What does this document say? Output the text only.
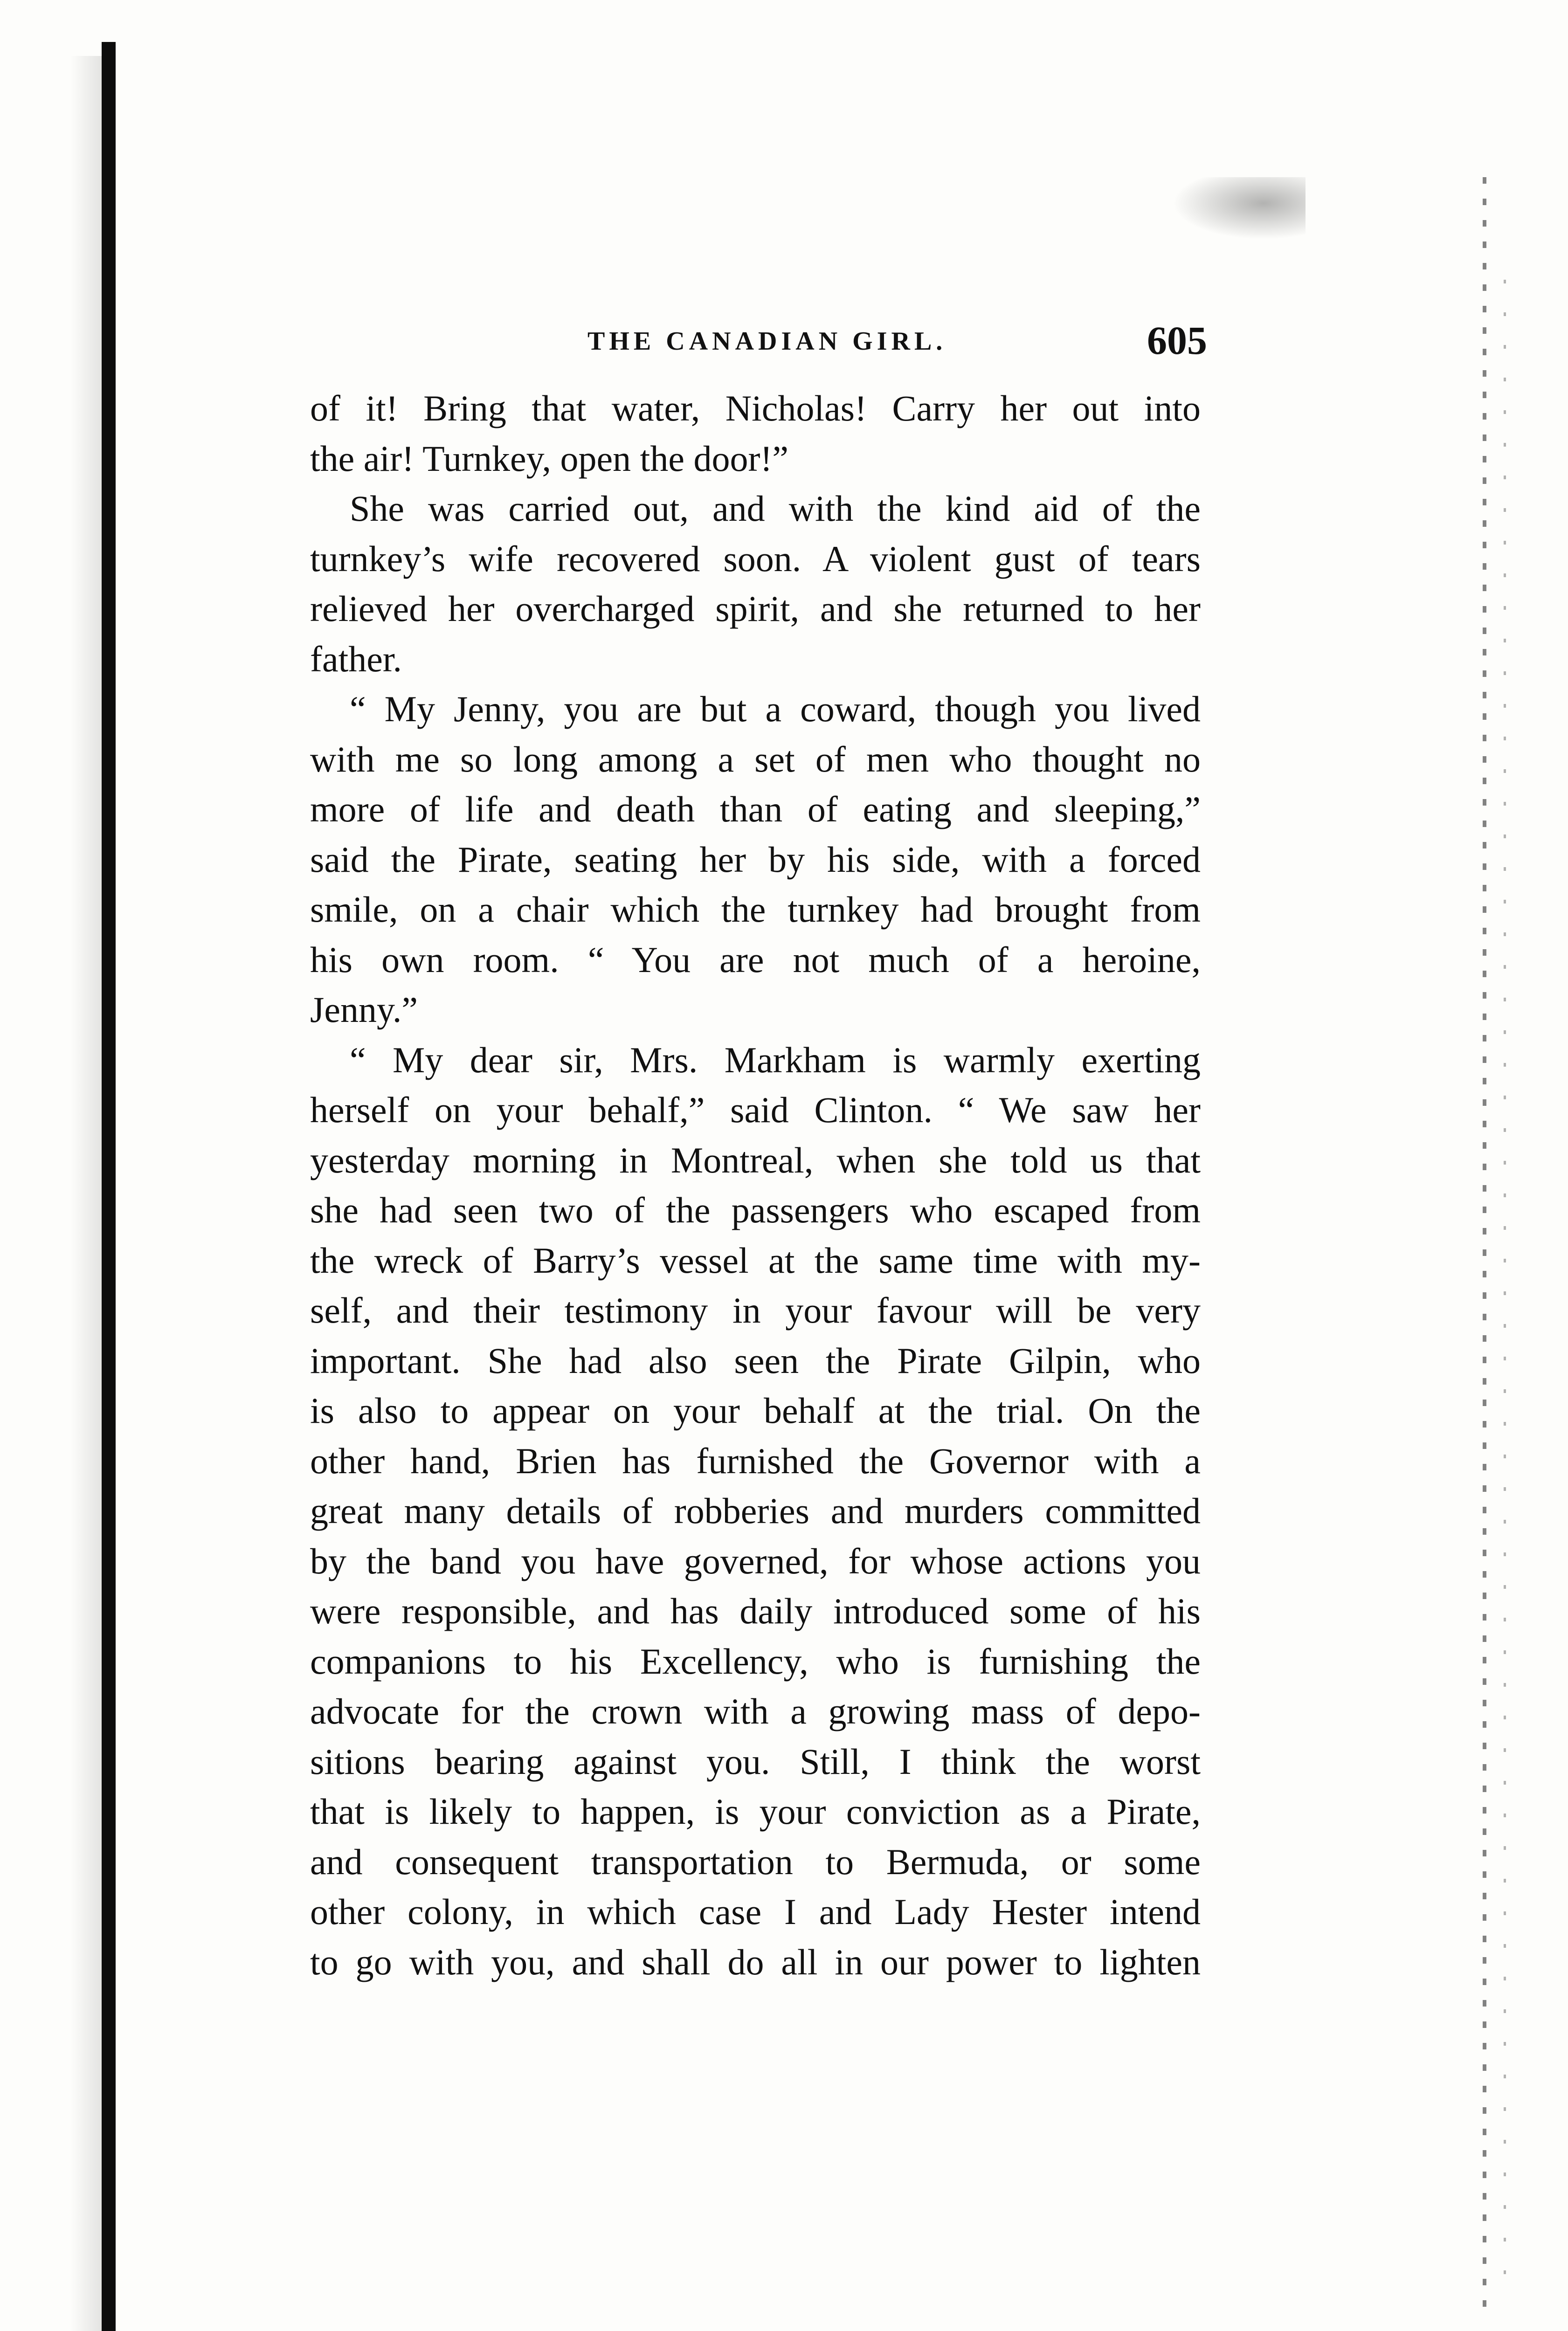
THE CANADIAN GIRL.	605
of it! Bring that water, Nicholas! Carry her out into
the air! Turnkey, open the door!”
She was carried out, and with the kind aid of the
turnkey’s wife recovered soon. A violent gust of tears
relieved her overcharged spirit, and she returned to her
father.
“ My Jenny, you are but a coward, though you lived
with me so long among a set of men who thought no
more of life and death than of eating and sleeping,”
said the Pirate, seating her by his side, with a forced
smile, on a chair which the turnkey had brought from
his own room. “ You are not much of a heroine,
Jenny.”
“ My dear sir, Mrs. Markham is warmly exerting
herself on your behalf,” said Clinton. “ We saw her
yesterday morning in Montreal, when she told us that
she had seen two of the passengers who escaped from
the wreck of Barry’s vessel at the same time with my-
self, and their testimony in your favour will be very
important. She had also seen the Pirate Gilpin, who
is also to appear on your behalf at the trial. On the
other hand, Brien has furnished the Governor with a
great many details of robberies and murders committed
by the band you have governed, for whose actions you
were responsible, and has daily introduced some of his
companions to his Excellency, who is furnishing the
advocate for the crown with a growing mass of depo-
sitions bearing against you. Still, I think the worst
that is likely to happen, is your conviction as a Pirate,
and consequent transportation to Bermuda, or some
other colony, in which case I and Lady Hester intend
to go with you, and shall do all in our power to lighten
